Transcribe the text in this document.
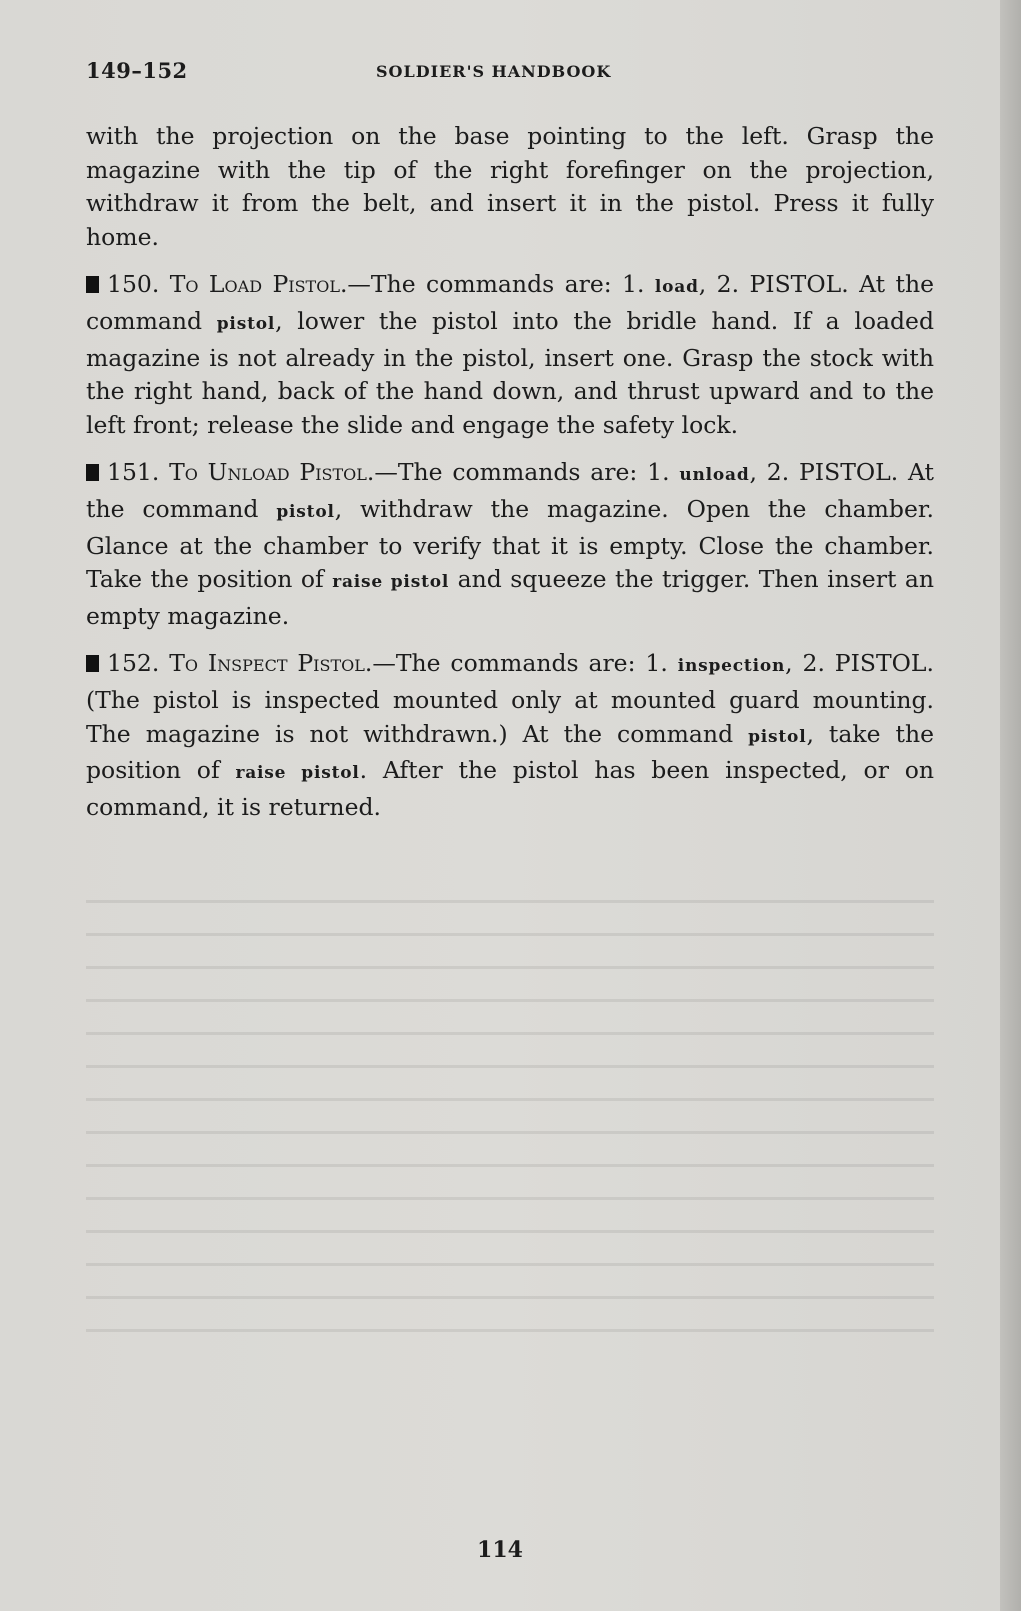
149–152	SOLDIER'S HANDBOOK

with the projection on the base pointing to the left. Grasp the magazine with the tip of the right forefinger on the projection, withdraw it from the belt, and insert it in the pistol. Press it fully home.

150. To Load Pistol.—The commands are: 1. load, 2. PISTOL. At the command pistol, lower the pistol into the bridle hand. If a loaded magazine is not already in the pistol, insert one. Grasp the stock with the right hand, back of the hand down, and thrust upward and to the left front; release the slide and engage the safety lock.

151. To Unload Pistol.—The commands are: 1. unload, 2. PISTOL. At the command pistol, withdraw the magazine. Open the chamber. Glance at the chamber to verify that it is empty. Close the chamber. Take the position of raise pistol and squeeze the trigger. Then insert an empty magazine.

152. To Inspect Pistol.—The commands are: 1. inspection, 2. PISTOL. (The pistol is inspected mounted only at mounted guard mounting. The magazine is not withdrawn.) At the command pistol, take the position of raise pistol. After the pistol has been inspected, or on command, it is returned.

114
